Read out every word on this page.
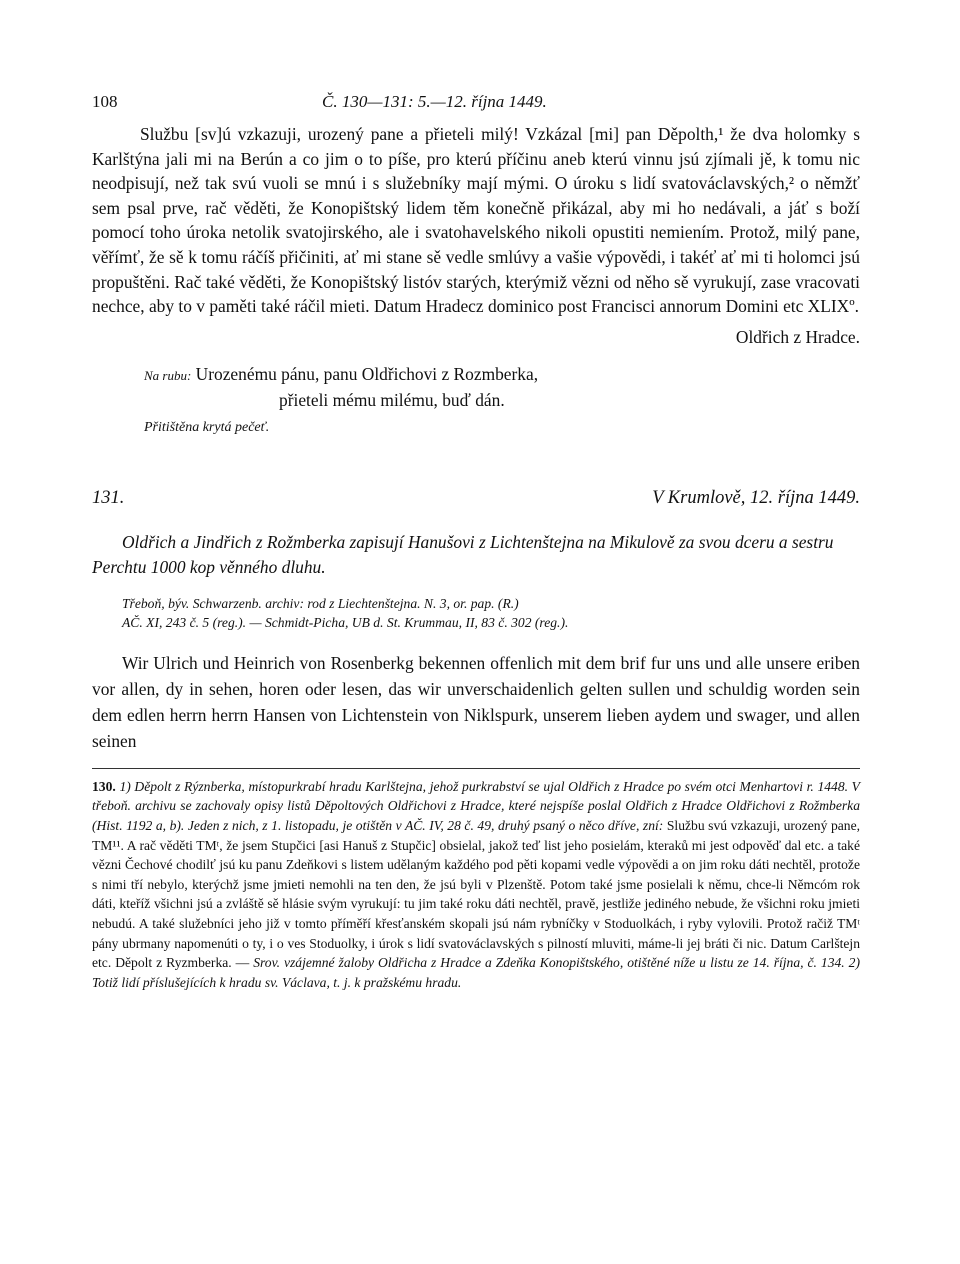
108	Č. 130—131: 5.—12. října 1449.

Službu [sv]ú vzkazuji, urozený pane a přieteli milý! Vzkázal [mi] pan Děpolth,¹ že dva holomky s Karlštýna jali mi na Berún a co jim o to píše, pro kterú příčinu aneb kterú vinnu jsú zjímali jě, k tomu nic neodpisují, než tak svú vuoli se mnú i s služebníky mají mými. O úroku s lidí svatováclavských,² o němžť sem psal prve, rač věděti, že Konopištský lidem těm konečně přikázal, aby mi ho nedávali, a jáť s boží pomocí toho úroka netolik svatojirského, ale i svatohavelského nikoli opustiti nemiením. Protož, milý pane, věřímť, že sě k tomu ráčíš přičiniti, ať mi stane sě vedle smlúvy a vašie výpovědi, i takéť ať mi ti holomci jsú propuštěni. Rač také věděti, že Konopištský listóv starých, kterýmiž vězni od něho sě vyrukují, zase vracovati nechce, aby to v paměti také ráčil mieti. Datum Hradecz dominico post Francisci annorum Domini etc XLIXº.

Oldřich z Hradce.
Na rubu: Urozenému pánu, panu Oldřichovi z Rozmberka,
přieteli mému milému, buď dán.
Přitištěna krytá pečeť.
131.	V Krumlově, 12. října 1449.
Oldřich a Jindřich z Rožmberka zapisují Hanušovi z Lichtenštejna na Mikulově za svou dceru a sestru Perchtu 1000 kop věnného dluhu.

Třeboň, býv. Schwarzenb. archiv: rod z Liechtenštejna. N. 3, or. pap. (R.)

AČ. XI, 243 č. 5 (reg.). — Schmidt-Picha, UB d. St. Krummau, II, 83 č. 302 (reg.).

Wir Ulrich und Heinrich von Rosenberkg bekennen offenlich mit dem brif fur uns und alle unsere eriben vor allen, dy in sehen, horen oder lesen, das wir unverschaidenlich gelten sullen und schuldig worden sein dem edlen herrn herrn Hansen von Lichtenstein von Niklspurk, unserem lieben aydem und swager, und allen seinen

130. 1) Děpolt z Rýznberka, místopurkrabí hradu Karlštejna, jehož purkrabství se ujal Oldřich z Hradce po svém otci Menhartovi r. 1448. V třeboň. archivu se zachovaly opisy listů Děpoltových Oldřichovi z Hradce, které nejspíše poslal Oldřich z Hradce Oldřichovi z Rožmberka (Hist. 1192 a, b). Jeden z nich, z 1. listopadu, je otištěn v AČ. IV, 28 č. 49, druhý psaný o něco dříve, zní: Službu svú vzkazuji, urozený pane, TM¹¹. A rač věděti TMᵗ, že jsem Stupčici [asi Hanuš z Stupčic] obsielal, jakož teď list jeho posielám, kteraků mi jest odpověď dal etc. a také vězni Čechové chodilť jsú ku panu Zdeňkovi s listem udělaným každého pod pěti kopami vedle výpovědi a on jim roku dáti nechtěl, protože s nimi tří nebylo, kterýchž jsme jmieti nemohli na ten den, že jsú byli v Plzenště. Potom také jsme posielali k němu, chce-li Němcóm rok dáti, kteříž všichni jsú a zvláště sě hlásie svým vyrukují: tu jim také roku dáti nechtěl, pravě, jestliže jediného nebude, že všichni roku jmieti nebudú. A také služebníci jeho již v tomto příměří křesťanském skopali jsú nám rybníčky v Stoduolkách, i ryby vylovili. Protož račiž TMᵗ pány ubrmany napomenúti o ty, i o ves Stoduolky, i úrok s lidí svatováclavských s pilností mluviti, máme-li jej bráti či nic. Datum Carlštejn etc. Děpolt z Ryzmberka. — Srov. vzájemné žaloby Oldřicha z Hradce a Zdeňka Konopištského, otištěné níže u listu ze 14. října, č. 134. 2) Totiž lidí příslušejících k hradu sv. Václava, t. j. k pražskému hradu.
